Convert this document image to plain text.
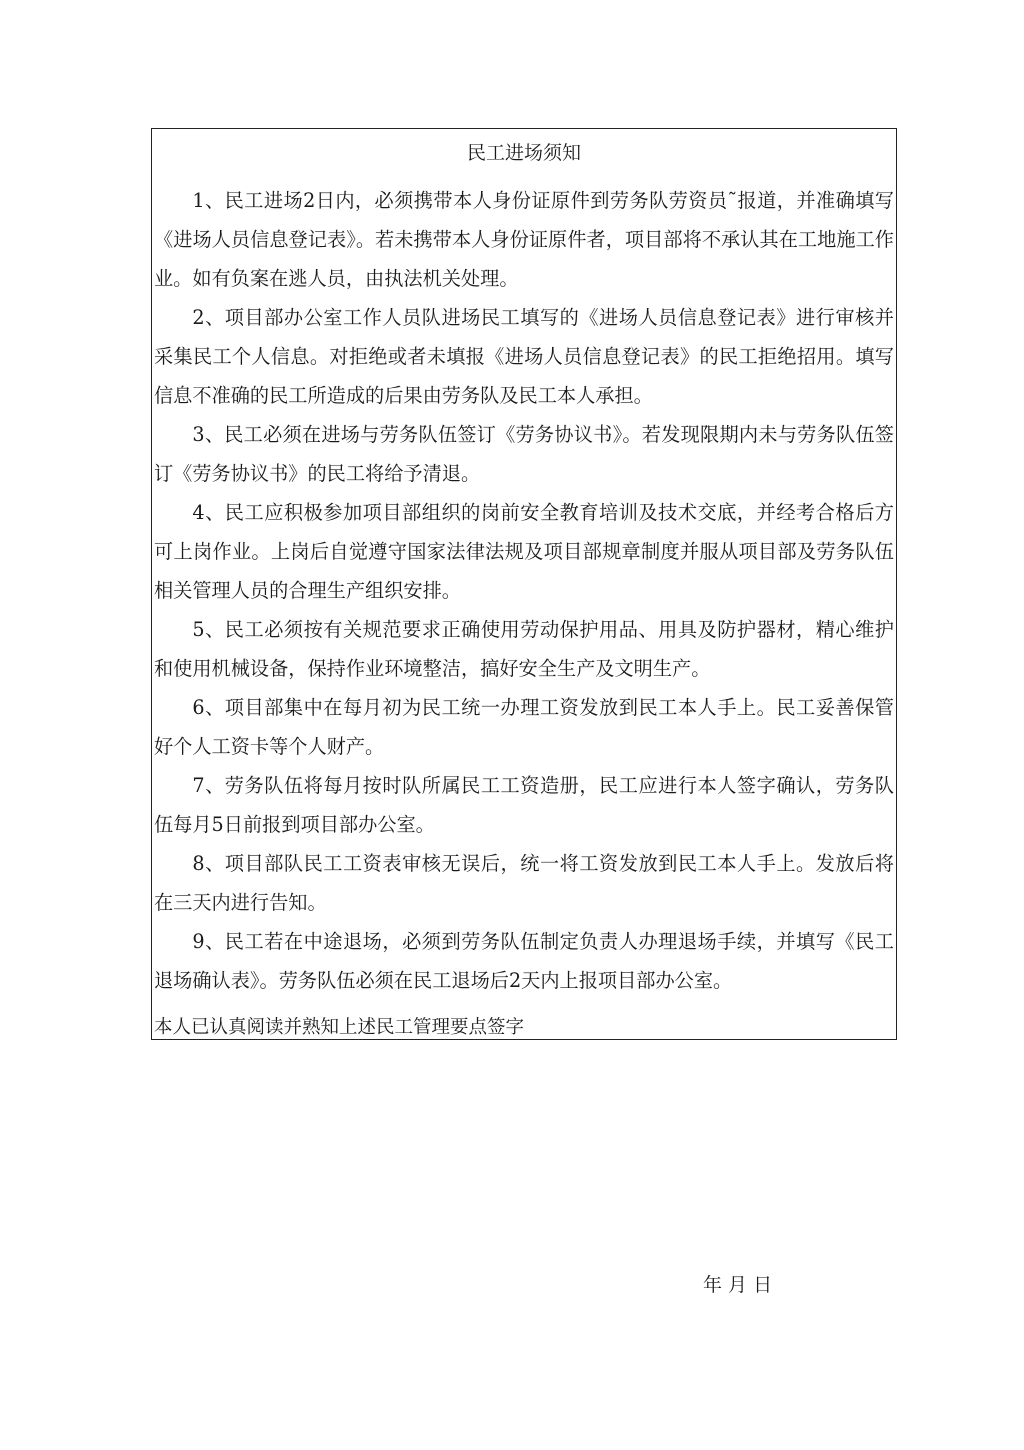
民工进场须知

1、民工进场2日内，必须携带本人身份证原件到劳务队劳资员˜报道，并准确填写《进场人员信息登记表》。若未携带本人身份证原件者，项目部将不承认其在工地施工作业。如有负案在逃人员，由执法机关处理。

2、项目部办公室工作人员队进场民工填写的《进场人员信息登记表》进行审核并采集民工个人信息。对拒绝或者未填报《进场人员信息登记表》的民工拒绝招用。填写信息不准确的民工所造成的后果由劳务队及民工本人承担。

3、民工必须在进场与劳务队伍签订《劳务协议书》。若发现限期内未与劳务队伍签订《劳务协议书》的民工将给予清退。

4、民工应积极参加项目部组织的岗前安全教育培训及技术交底，并经考合格后方可上岗作业。上岗后自觉遵守国家法律法规及项目部规章制度并服从项目部及劳务队伍相关管理人员的合理生产组织安排。

5、民工必须按有关规范要求正确使用劳动保护用品、用具及防护器材，精心维护和使用机械设备，保持作业环境整洁，搞好安全生产及文明生产。

6、项目部集中在每月初为民工统一办理工资发放到民工本人手上。民工妥善保管好个人工资卡等个人财产。

7、劳务队伍将每月按时队所属民工工资造册，民工应进行本人签字确认，劳务队伍每月5日前报到项目部办公室。

8、项目部队民工工资表审核无误后，统一将工资发放到民工本人手上。发放后将在三天内进行告知。

9、民工若在中途退场，必须到劳务队伍制定负责人办理退场手续，并填写《民工退场确认表》。劳务队伍必须在民工退场后2天内上报项目部办公室。

本人已认真阅读并熟知上述民工管理要点签字
年 月 日
